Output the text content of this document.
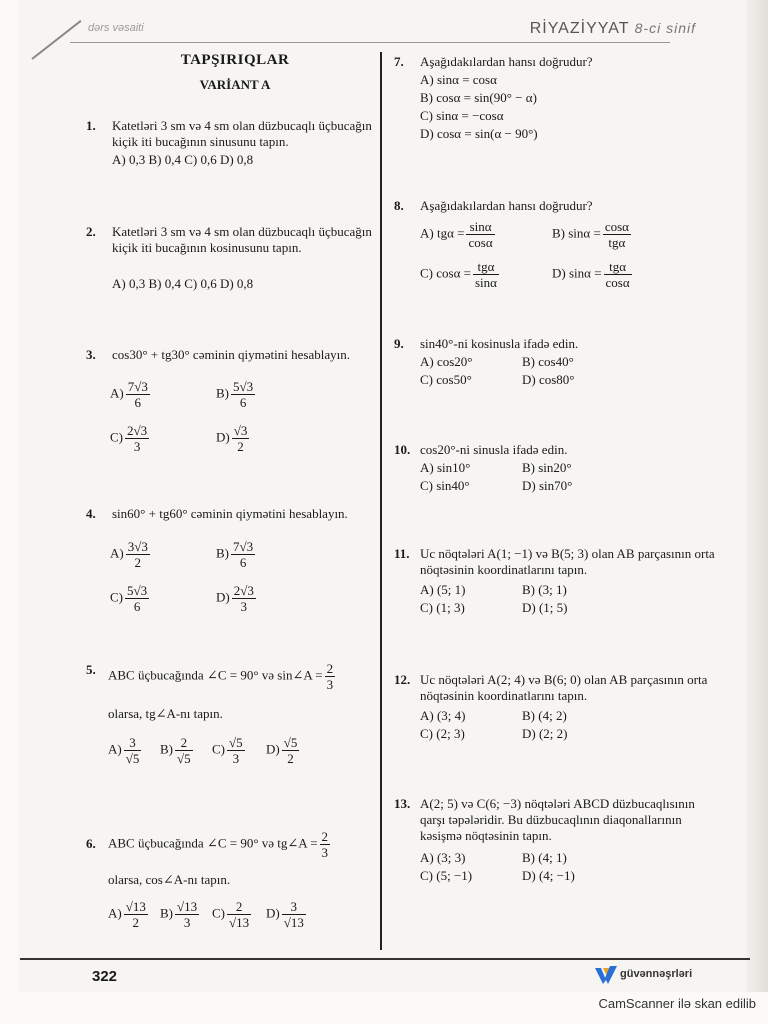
dərs vəsaiti	RİYAZİYYAT 8-ci sinif
TAPŞIRIQLAR
VARİANT A
1. Katetləri 3 sm və 4 sm olan düzbucaqlı üçbucağın kiçik iti bucağının sinusunu tapın.
A) 0,3 B) 0,4 C) 0,6 D) 0,8
2. Katetləri 3 sm və 4 sm olan düzbucaqlı üçbucağın kiçik iti bucağının kosinusunu tapın.
A) 0,3 B) 0,4 C) 0,6 D) 0,8
3. cos30° + tg30° cəminin qiymətini hesablayın.
$A) \frac{7√3}{6}$	$B) \frac{5√3}{6}$
$C) \frac{2√3}{3}$	$D) \frac{√3}{2}$
4. sin60° + tg60° cəminin qiymətini hesablayın.
$A) \frac{3√3}{2}$	$B) \frac{7√3}{6}$
$C) \frac{5√3}{6}$	$D) \frac{2√3}{3}$
5. ABC üçbucağında ∠C = 90° və sin∠A = $\frac{2}{3}$
olarsa, tg∠A-nı tapın.
$A) \frac{3}{√5} B) \frac{2}{√5} C) \frac{√5}{3} D) \frac{√5}{2}$
6. ABC üçbucağında ∠C = 90° və tg∠A = $\frac{2}{3}$
olarsa, cos∠A-nı tapın.
$A) \frac{√13}{2} B) \frac{√13}{3} C) \frac{2}{√13} D) \frac{3}{√13}$
7. Aşağıdakılardan hansı doğrudur?
A) sinα = cosα
B) cosα = sin(90° − α)
C) sinα = −cosα
D) cosα = sin(α − 90°)
8. Aşağıdakılardan hansı doğrudur?
A) $tg\alpha = \frac{\sin\alpha}{\cos\alpha}$	B) $\sin\alpha = \frac{\cos\alpha}{\text{tgα}}$
C) $\cos\alpha = \frac{\text{tgα}}{\sin\alpha}$	D) $\sin\alpha = \frac{\text{tgα}}{\cos\alpha}$
9. sin40°-ni kosinusla ifadə edin.
A) cos20°	B) cos40°
C) cos50°	D) cos80°
10. cos20°-ni sinusla ifadə edin.
A) sin10°	B) sin20°
C) sin40°	D) sin70°
11. Uc nöqtələri A(1; −1) və B(5; 3) olan AB parçasının orta nöqtəsinin koordinatlarını tapın.
A) (5; 1)	B) (3; 1)
C) (1; 3)	D) (1; 5)
12. Uc nöqtələri A(2; 4) və B(6; 0) olan AB parçasının orta nöqtəsinin koordinatlarını tapın.
A) (3; 4)	B) (4; 2)
C) (2; 3)	D) (2; 2)
13. A(2; 5) və C(6; −3) nöqtələri ABCD düzbucaqlısının qarşı təpələridir. Bu düzbucaqlının diaqonallarının kəsişmə nöqtəsinin tapın.
A) (3; 3)	B) (4; 1)
C) (5; −1)	D) (4; −1)
322	güvənnəşrləri
CamScanner ilə skan edilib
